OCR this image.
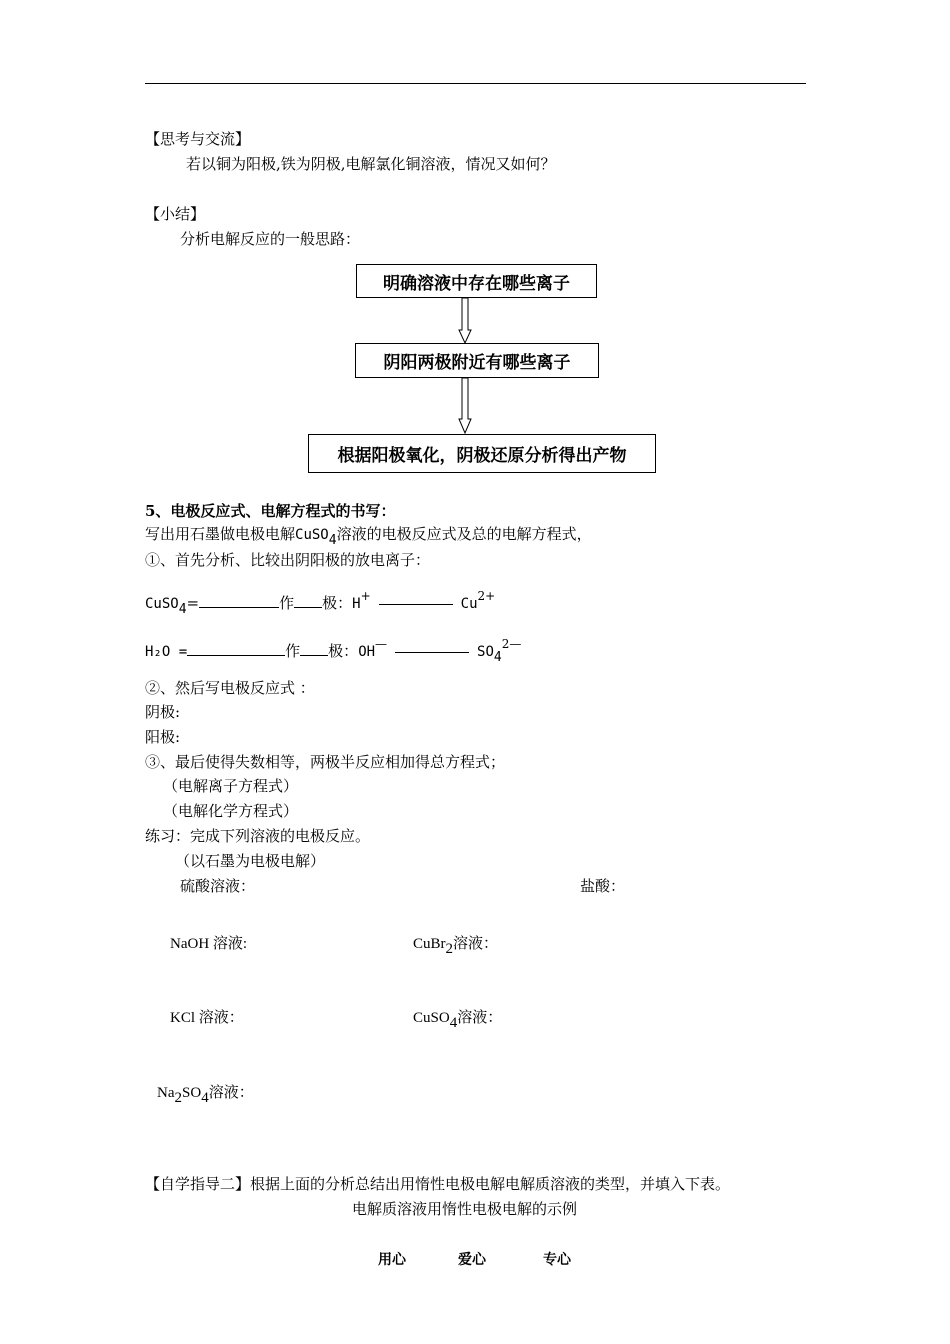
【思考与交流】
若以铜为阳极,铁为阴极,电解氯化铜溶液，情况又如何？
【小结】
分析电解反应的一般思路：
明确溶液中存在哪些离子
阴阳两极附近有哪些离子
根据阳极氧化，阴极还原分析得出产物
5、电极反应式、电解方程式的书写：
写出用石墨做电极电解CuSO4溶液的电极反应式及总的电解方程式，
①、首先分析、比较出阴阳极的放电离子：
CuSO4=	作 极：H+	$Cu^{2+}$
H₂O =	作 极：OH—	$SO4^{2—}$
②、然后写电极反应式 ：
阴极:
阳极:
③、最后使得失数相等，两极半反应相加得总方程式；
（电解离子方程式）
（电解化学方程式）
练习：完成下列溶液的电极反应。
（以石墨为电极电解）
硫酸溶液：	盐酸：
NaOH 溶液:	CuBr2溶液：
KCl 溶液：	CuSO4溶液：
Na2SO4溶液：
【自学指导二】根据上面的分析总结出用惰性电极电解电解质溶液的类型，并填入下表。
电解质溶液用惰性电极电解的示例
用心	爱心	专心
